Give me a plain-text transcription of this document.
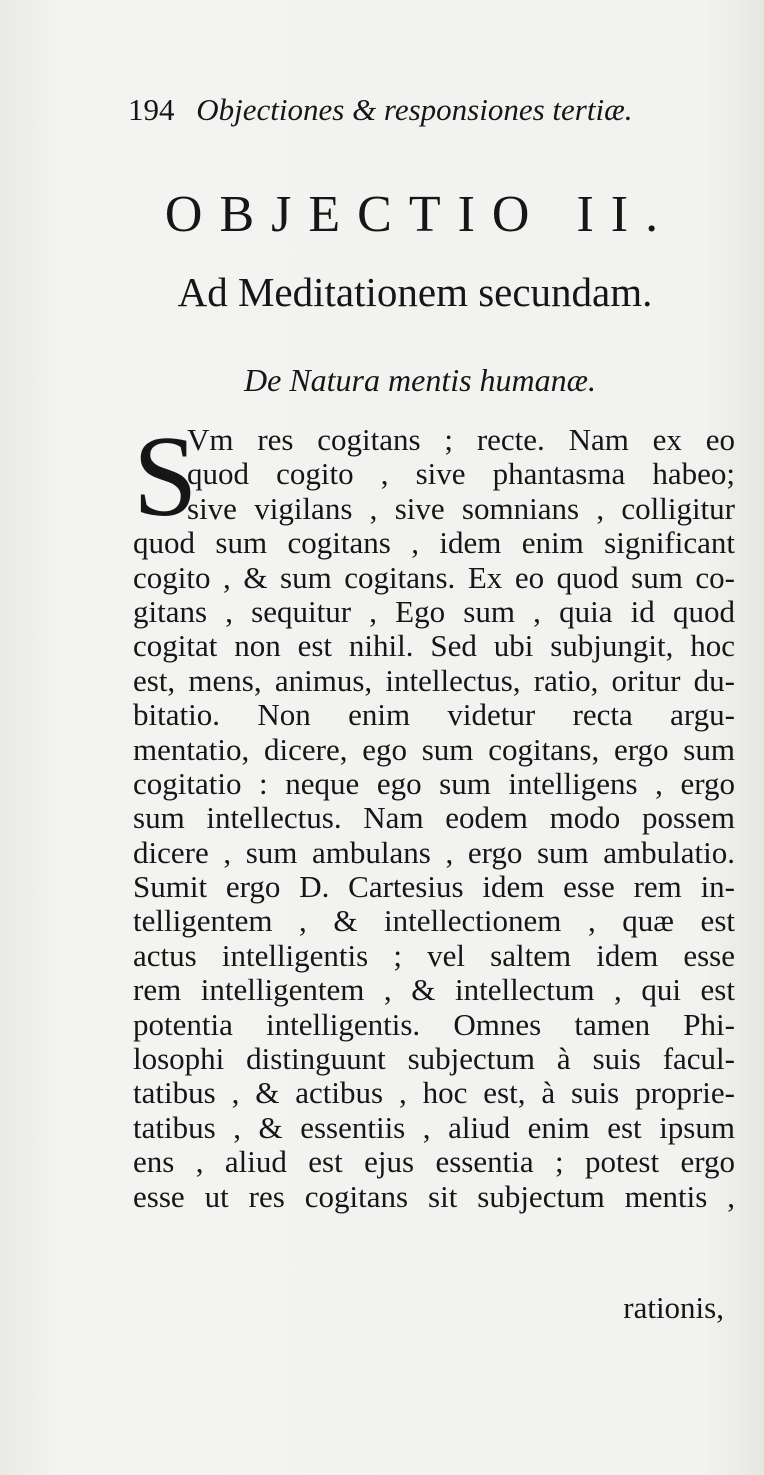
194 Objectiones & responsiones tertiæ.
OBJECTIO II.
Ad Meditationem secundam.
De Natura mentis humanæ.
S
Vm res cogitans ; recte. Nam ex eo
quod cogito , sive phantasma habeo;
sive vigilans , sive somnians , colligitur
quod sum cogitans , idem enim significant
cogito , & sum cogitans. Ex eo quod sum co-
gitans , sequitur , Ego sum , quia id quod
cogitat non est nihil. Sed ubi subjungit, hoc
est, mens, animus, intellectus, ratio, oritur du-
bitatio. Non enim videtur recta argu-
mentatio, dicere, ego sum cogitans, ergo sum
cogitatio : neque ego sum intelligens , ergo
sum intellectus. Nam eodem modo possem
dicere , sum ambulans , ergo sum ambulatio.
Sumit ergo D. Cartesius idem esse rem in-
telligentem , & intellectionem , quæ est
actus intelligentis ; vel saltem idem esse
rem intelligentem , & intellectum , qui est
potentia intelligentis. Omnes tamen Phi-
losophi distinguunt subjectum à suis facul-
tatibus , & actibus , hoc est, à suis proprie-
tatibus , & essentiis , aliud enim est ipsum
ens , aliud est ejus essentia ; potest ergo
esse ut res cogitans sit subjectum mentis ,
rationis,
